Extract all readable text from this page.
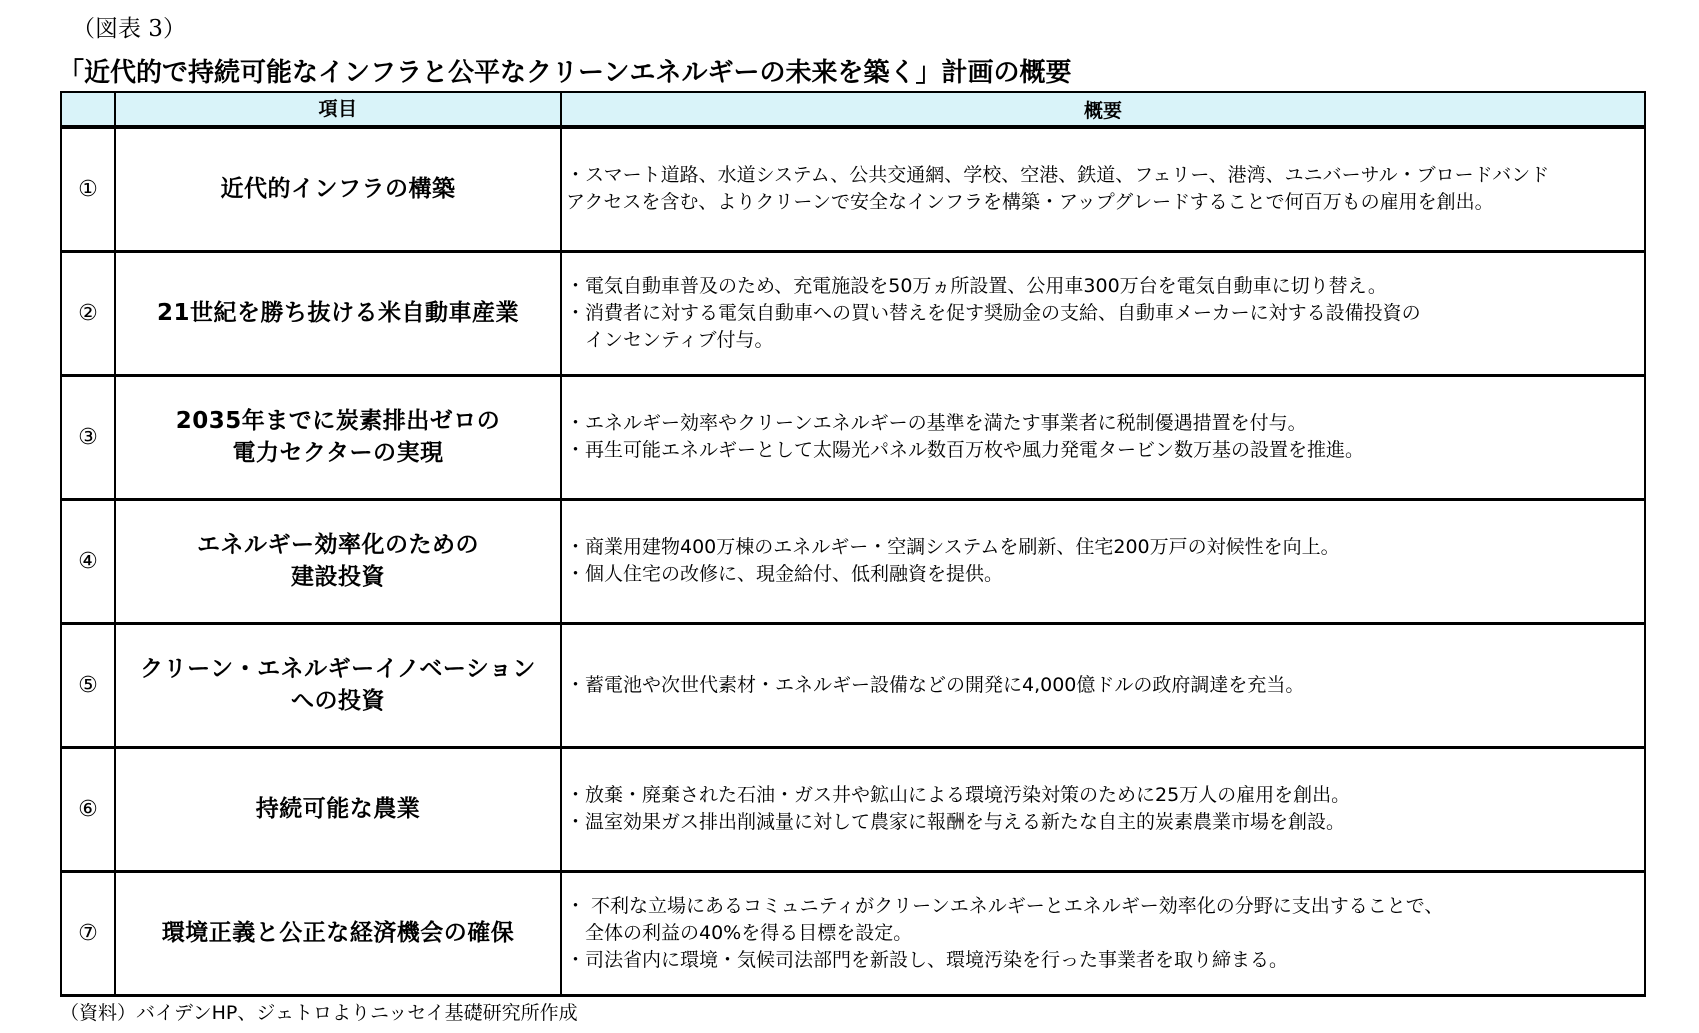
（図表 3）
「近代的で持続可能なインフラと公平なクリーンエネルギーの未来を築く」計画の概要
	項目	概要
①	近代的インフラの構築	・スマート道路、水道システム、公共交通網、学校、空港、鉄道、フェリー、港湾、ユニバーサル・ブロードバンド
アクセスを含む、よりクリーンで安全なインフラを構築・アップグレードすることで何百万もの雇用を創出。

②	21世紀を勝ち抜ける米自動車産業	・電気自動車普及のため、充電施設を50万ヵ所設置、公用車300万台を電気自動車に切り替え。
・消費者に対する電気自動車への買い替えを促す奨励金の支給、自動車メーカーに対する設備投資の
　インセンティブ付与。

③	2035年までに炭素排出ゼロの
電力セクターの実現	・エネルギー効率やクリーンエネルギーの基準を満たす事業者に税制優遇措置を付与。
・再生可能エネルギーとして太陽光パネル数百万枚や風力発電タービン数万基の設置を推進。

④	エネルギー効率化のための
建設投資	・商業用建物400万棟のエネルギー・空調システムを刷新、住宅200万戸の対候性を向上。
・個人住宅の改修に、現金給付、低利融資を提供。

⑤	クリーン・エネルギーイノベーション
への投資	・蓄電池や次世代素材・エネルギー設備などの開発に4,000億ドルの政府調達を充当。

⑥	持続可能な農業	・放棄・廃棄された石油・ガス井や鉱山による環境汚染対策のために25万人の雇用を創出。
・温室効果ガス排出削減量に対して農家に報酬を与える新たな自主的炭素農業市場を創設。

⑦	環境正義と公正な経済機会の確保	・ 不利な立場にあるコミュニティがクリーンエネルギーとエネルギー効率化の分野に支出することで、
　全体の利益の40%を得る目標を設定。
・司法省内に環境・気候司法部門を新設し、環境汚染を行った事業者を取り締まる。
（資料）バイデンHP、ジェトロよりニッセイ基礎研究所作成
